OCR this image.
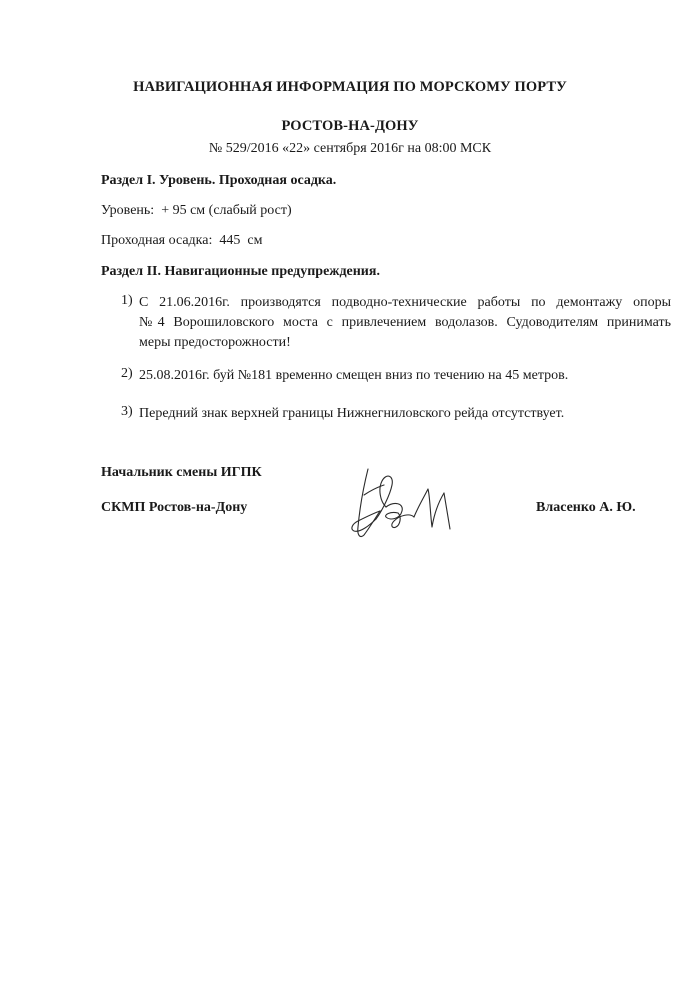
НАВИГАЦИОННАЯ ИНФОРМАЦИЯ ПО МОРСКОМУ ПОРТУ
РОСТОВ-НА-ДОНУ
№ 529/2016 «22» сентября 2016г на 08:00 МСК
Раздел I. Уровень. Проходная осадка.
Уровень:  + 95 см (слабый рост)
Проходная осадка:  445  см
Раздел II. Навигационные предупреждения.
1) С 21.06.2016г. производятся подводно-технические работы по демонтажу опоры
№4 Ворошиловского моста с привлечением водолазов. Судоводителям принимать
меры предосторожности!
2) 25.08.2016г. буй №181 временно смещен вниз по течению на 45 метров.
3) Передний знак верхней границы Нижнегниловского рейда отсутствует.
Начальник смены ИГПК
СКМП Ростов-на-Дону	Власенко А. Ю.
